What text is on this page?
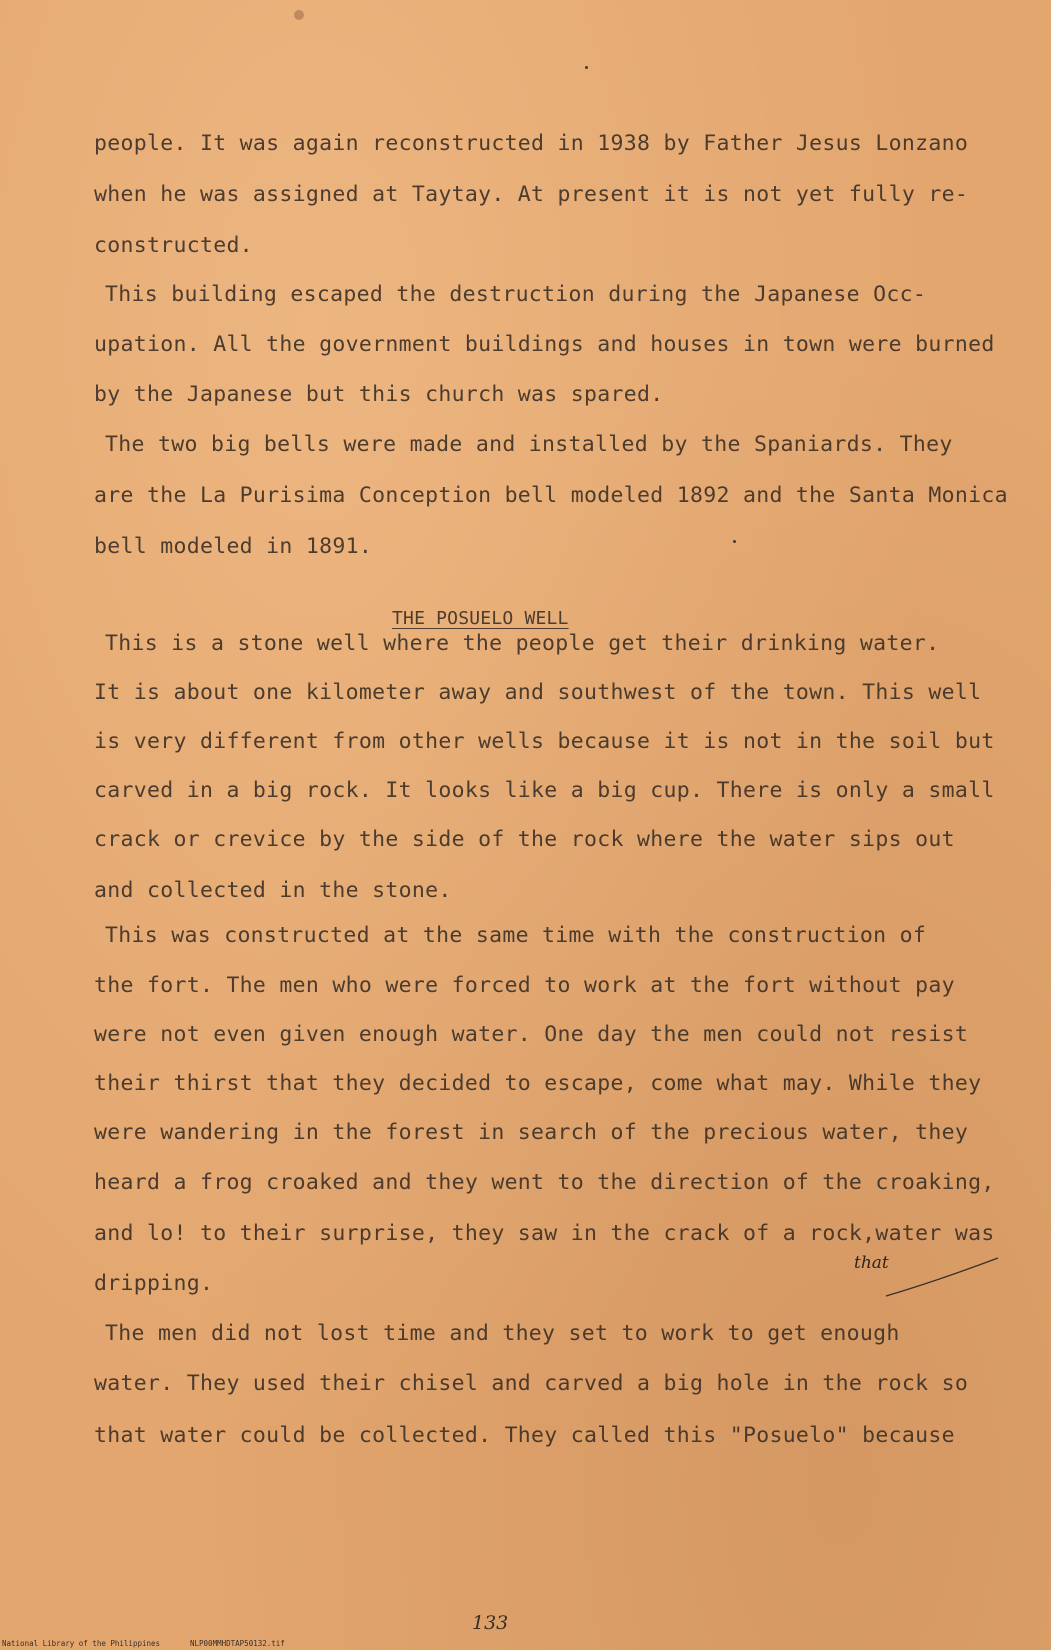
people. It was again reconstructed in 1938 by Father Jesus Lonzano
when he was assigned at Taytay. At present it is not yet fully re-
constructed.
This building escaped the destruction during the Japanese Occ-
upation. All the government buildings and houses in town were burned
by the Japanese but this church was spared.
The two big bells were made and installed by the Spaniards. They
are the La Purisima Conception bell modeled 1892 and the Santa Monica
bell modeled in 1891.
THE POSUELO WELL
This is a stone well where the people get their drinking water.
It is about one kilometer away and southwest of the town. This well
is very different from other wells because it is not in the soil but
carved in a big rock. It looks like a big cup. There is only a small
crack or crevice by the side of the rock where the water sips out
and collected in the stone.
This was constructed at the same time with the construction of
the fort. The men who were forced to work at the fort without pay
were not even given enough water. One day the men could not resist
their thirst that they decided to escape, come what may. While they
were wandering in the forest in search of the precious water, they
heard a frog croaked and they went to the direction of the croaking,
and lo! to their surprise, they saw in the crack of a rock,water was
dripping.
that
The men did not lost time and they set to work to get enough
water. They used their chisel and carved a big hole in the rock so
that water could be collected. They called this "Posuelo" because
133
National Library of the Philippines	NLP00MMHDTAP50132.tif
